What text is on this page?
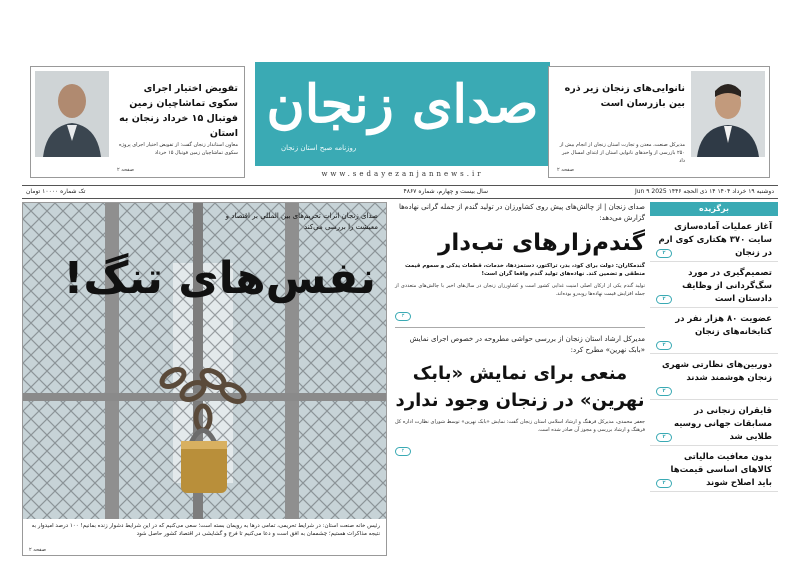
تفویض اختیار اجرای سکوی تماشاچیان زمین فوتبال ۱۵ خرداد زنجان به استان
معاون استاندار زنجان گفت: از تفویض اختیار اجرای پروژه سکوی تماشاچیان زمین فوتبال ۱۵ خرداد
صفحه ۲
صدای زنجان
روزنامه صبح استان زنجان
www.sedayezanjannews.ir
نانوایی‌های زنجان زیر ذره بین بازرسان است
مدیرکل صنعت، معدن و تجارت استان زنجان از انجام بیش از ۲۵۰ بازرسی از واحدهای نانوایی استان از ابتدای امسال خبر داد
صفحه ۲
دوشنبه ۱۹ خرداد ۱۴۰۴ ۱۴ ذی الحجه ۱۴۴۶ 2025 Jun ۹
سال بیست و چهارم، شماره ۴۸۶۷
تک شماره ۱۰۰۰۰ تومان
برگزیده
آغاز عملیات آماده‌سازی سایت ۳۷۰ هکتاری کوی ارم در زنجان
۲
تصمیم‌گیری در مورد سگ‌گردانی از وظایف دادستان است
۲
عضویت ۸۰ هزار نفر در کتابخانه‌های زنجان
۲
دوربین‌های نظارتی شهری زنجان هوشمند شدند
۲
قایقران زنجانی در مسابقات جهانی روسیه طلایی شد
۲
بدون معافیت مالیاتی کالاهای اساسی قیمت‌ها باید اصلاح شوند
۲
صدای زنجان | از چالش‌های پیش روی کشاورزان در تولید گندم از جمله گرانی نهاده‌ها گزارش می‌دهد:
گندم‌زارهای تب‌دار
گندمکاران: دولت برای کود، بذر، تراکتور، دستمزدها، خدمات، قطعات یدکی و سموم قیمت منطقی و تضمین کند. نهاده‌های تولید گندم واقعا گران است!
تولید گندم یکی از ارکان اصلی امنیت غذایی کشور است و کشاورزان زنجان در سال‌های اخیر با چالش‌های متعددی از جمله افزایش قیمت نهاده‌ها روبه‌رو بوده‌اند.
۳
مدیرکل ارشاد استان زنجان از بررسی حواشی مطروحه در خصوص اجرای نمایش «بابک نهرین» مطرح کرد:
منعی برای نمایش «بابک نهرین» در زنجان وجود ندارد
جعفر محمدی، مدیرکل فرهنگ و ارشاد اسلامی استان زنجان گفت: نمایش «بابک نهرین» توسط شورای نظارت اداره کل فرهنگ و ارشاد بررسی و مجوز آن صادر شده است.
۲
صدای زنجان اثرات تحریم‌های بین المللی بر اقتصاد و معیشت را بررسی می‌کند
نفس‌های تنگ!
رئیس خانه صنعت استان: در شرایط تحریمی، تمامی درها به رویمان بسته است؛ سعی می‌کنیم که در این شرایط دشوار زنده بمانیم! ۱۰۰ درصد امیدوار به نتیجه مذاکرات هستیم؛ چشممان به افق است و دعا می‌کنیم تا فرج و گشایشی در اقتصاد کشور حاصل شود
صفحه ۲
